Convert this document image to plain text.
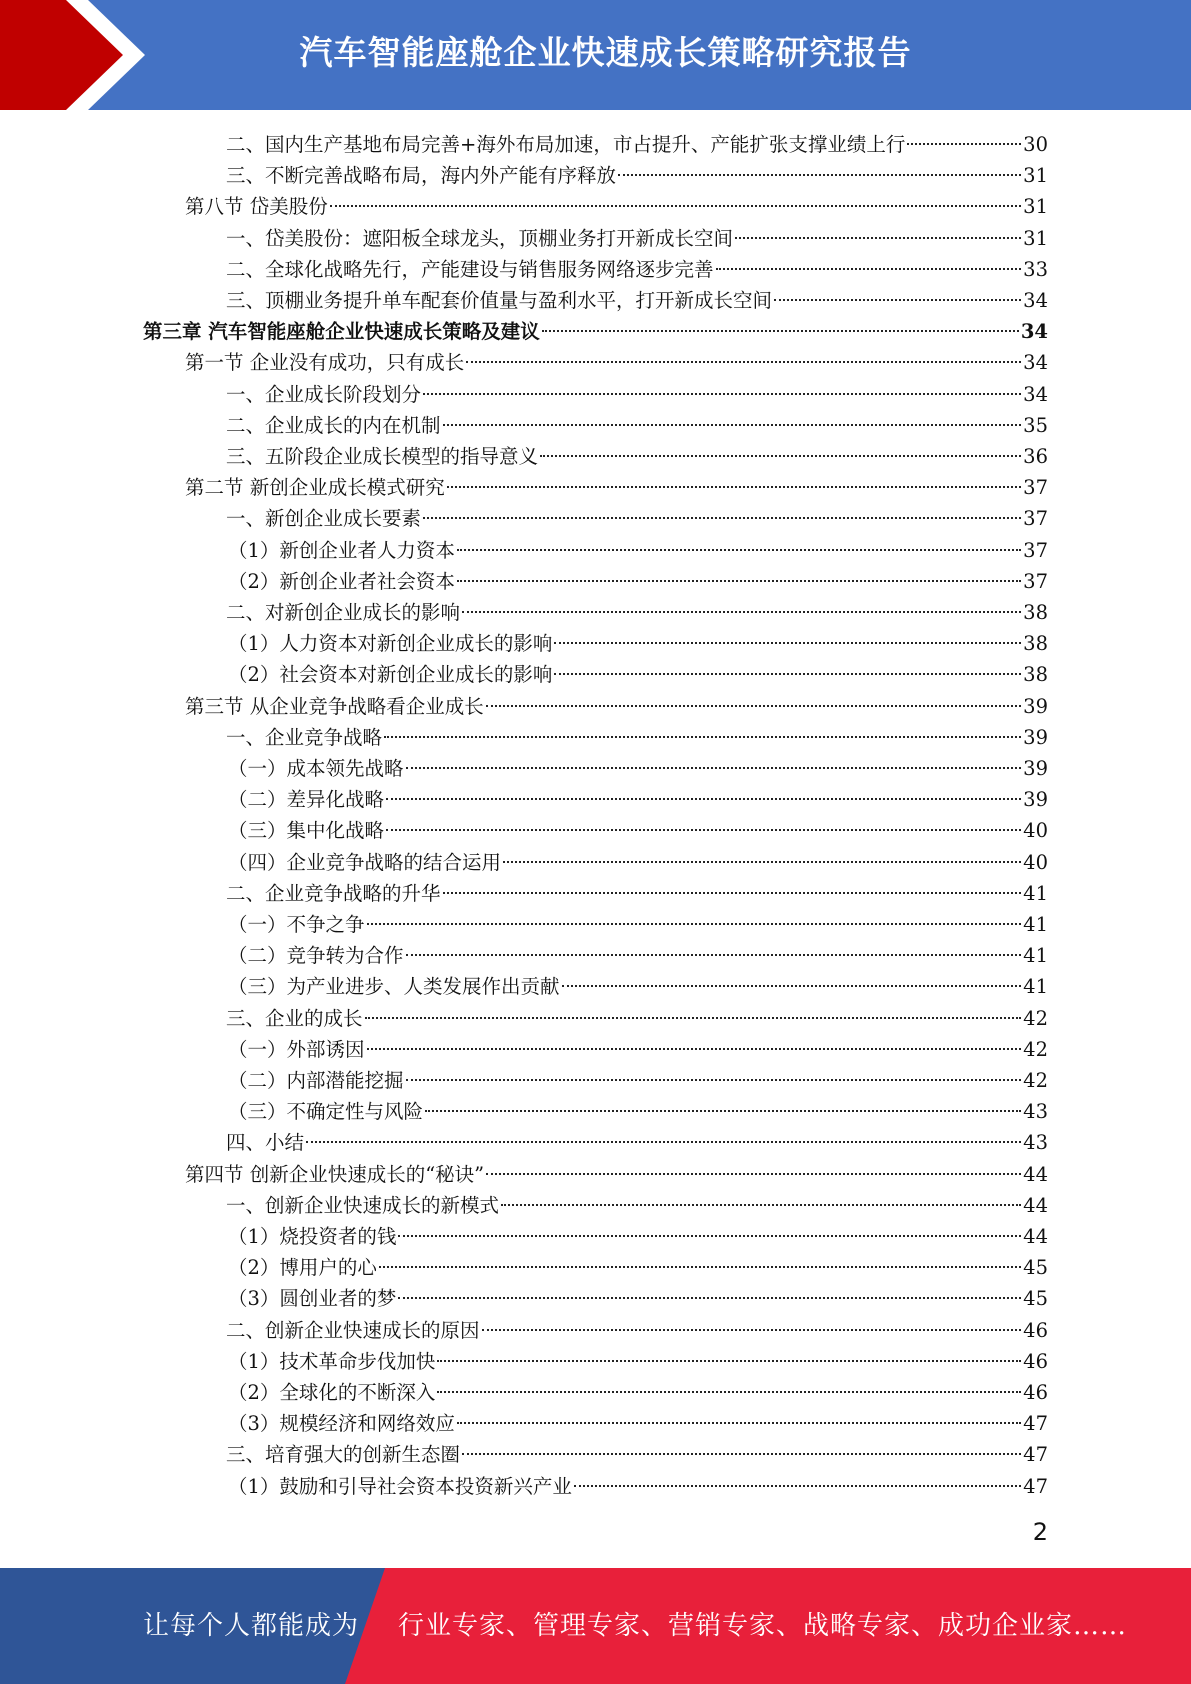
汽车智能座舱企业快速成长策略研究报告
二、国内生产基地布局完善+海外布局加速，市占提升、产能扩张支撑业绩上行	30
三、不断完善战略布局，海内外产能有序释放	31
第八节 岱美股份	31
一、岱美股份：遮阳板全球龙头，顶棚业务打开新成长空间	31
二、全球化战略先行，产能建设与销售服务网络逐步完善	33
三、顶棚业务提升单车配套价值量与盈利水平，打开新成长空间	34
第三章 汽车智能座舱企业快速成长策略及建议	34
第一节 企业没有成功，只有成长	34
一、企业成长阶段划分	34
二、企业成长的内在机制	35
三、五阶段企业成长模型的指导意义	36
第二节 新创企业成长模式研究	37
一、新创企业成长要素	37
（1）新创企业者人力资本	37
（2）新创企业者社会资本	37
二、对新创企业成长的影响	38
（1）人力资本对新创企业成长的影响	38
（2）社会资本对新创企业成长的影响	38
第三节 从企业竞争战略看企业成长	39
一、企业竞争战略	39
（一）成本领先战略	39
（二）差异化战略	39
（三）集中化战略	40
（四）企业竞争战略的结合运用	40
二、企业竞争战略的升华	41
（一）不争之争	41
（二）竞争转为合作	41
（三）为产业进步、人类发展作出贡献	41
三、企业的成长	42
（一）外部诱因	42
（二）内部潜能挖掘	42
（三）不确定性与风险	43
四、小结	43
第四节 创新企业快速成长的“秘诀”	44
一、创新企业快速成长的新模式	44
（1）烧投资者的钱	44
（2）博用户的心	45
（3）圆创业者的梦	45
二、创新企业快速成长的原因	46
（1）技术革命步伐加快	46
（2）全球化的不断深入	46
（3）规模经济和网络效应	47
三、培育强大的创新生态圈	47
（1）鼓励和引导社会资本投资新兴产业	47
2
让每个人都能成为 行业专家、管理专家、营销专家、战略专家、成功企业家……
